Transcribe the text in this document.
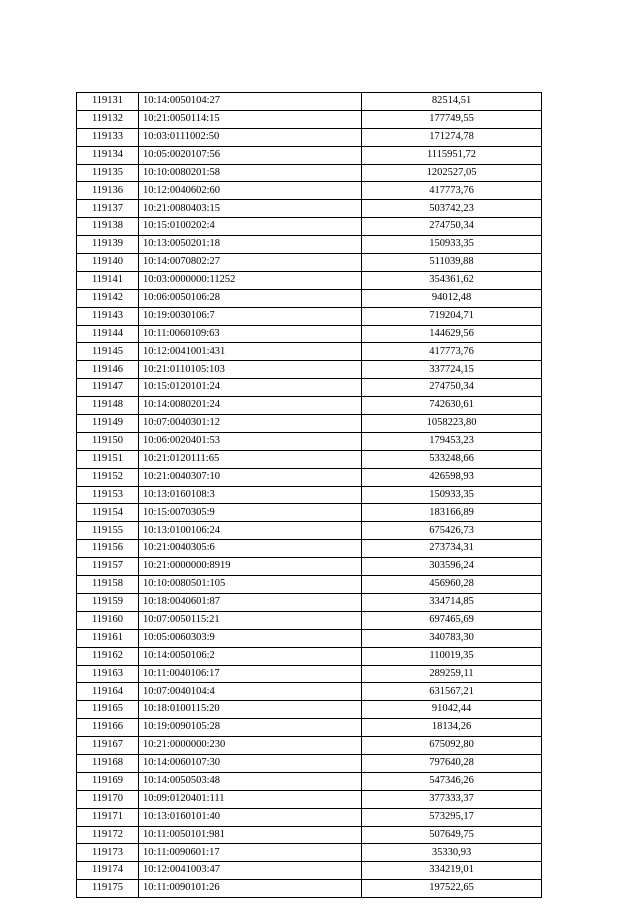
119131	10:14:0050104:27	82514,51
119132	10:21:0050114:15	177749,55
119133	10:03:0111002:50	171274,78
119134	10:05:0020107:56	1115951,72
119135	10:10:0080201:58	1202527,05
119136	10:12:0040602:60	417773,76
119137	10:21:0080403:15	503742,23
119138	10:15:0100202:4	274750,34
119139	10:13:0050201:18	150933,35
119140	10:14:0070802:27	511039,88
119141	10:03:0000000:11252	354361,62
119142	10:06:0050106:28	94012,48
119143	10:19:0030106:7	719204,71
119144	10:11:0060109:63	144629,56
119145	10:12:0041001:431	417773,76
119146	10:21:0110105:103	337724,15
119147	10:15:0120101:24	274750,34
119148	10:14:0080201:24	742630,61
119149	10:07:0040301:12	1058223,80
119150	10:06:0020401:53	179453,23
119151	10:21:0120111:65	533248,66
119152	10:21:0040307:10	426598,93
119153	10:13:0160108:3	150933,35
119154	10:15:0070305:9	183166,89
119155	10:13:0100106:24	675426,73
119156	10:21:0040305:6	273734,31
119157	10:21:0000000:8919	303596,24
119158	10:10:0080501:105	456960,28
119159	10:18:0040601:87	334714,85
119160	10:07:0050115:21	697465,69
119161	10:05:0060303:9	340783,30
119162	10:14:0050106:2	110019,35
119163	10:11:0040106:17	289259,11
119164	10:07:0040104:4	631567,21
119165	10:18:0100115:20	91042,44
119166	10:19:0090105:28	18134,26
119167	10:21:0000000:230	675092,80
119168	10:14:0060107:30	797640,28
119169	10:14:0050503:48	547346,26
119170	10:09:0120401:111	377333,37
119171	10:13:0160101:40	573295,17
119172	10:11:0050101:981	507649,75
119173	10:11:0090601:17	35330,93
119174	10:12:0041003:47	334219,01
119175	10:11:0090101:26	197522,65
